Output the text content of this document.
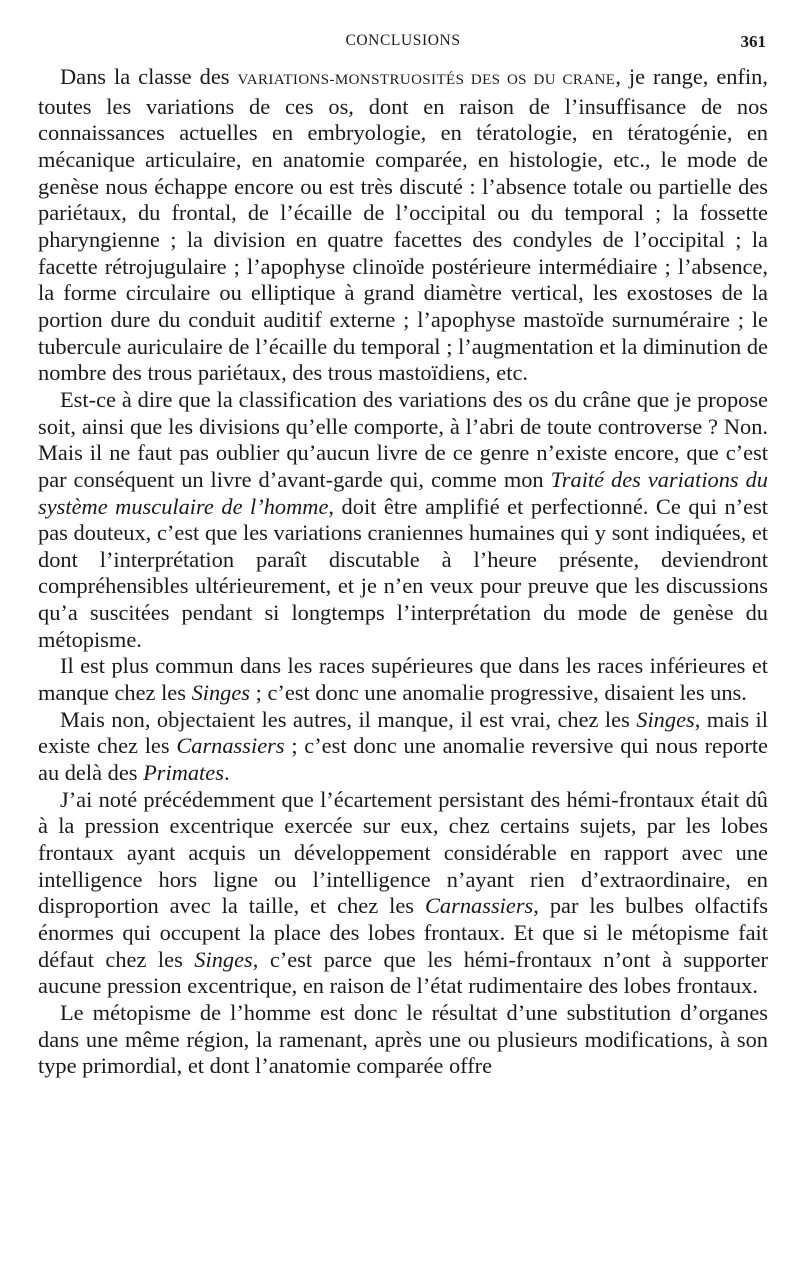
CONCLUSIONS	361

Dans la classe des VARIATIONS-MONSTRUOSITÉS DES OS DU CRANE, je range, enfin, toutes les variations de ces os, dont en raison de l’insuffisance de nos connaissances actuelles en embryologie, en tératologie, en tératogénie, en mécanique articulaire, en anatomie comparée, en histologie, etc., le mode de genèse nous échappe encore ou est très discuté : l’absence totale ou partielle des pariétaux, du frontal, de l’écaille de l’occipital ou du temporal ; la fossette pharyngienne ; la division en quatre facettes des condyles de l’occipital ; la facette rétrojugulaire ; l’apophyse clinoïde postérieure intermédiaire ; l’absence, la forme circulaire ou elliptique à grand diamètre vertical, les exostoses de la portion dure du conduit auditif externe ; l’apophyse mastoïde surnuméraire ; le tubercule auriculaire de l’écaille du temporal ; l’augmentation et la diminution de nombre des trous pariétaux, des trous mastoïdiens, etc.

Est-ce à dire que la classification des variations des os du crâne que je propose soit, ainsi que les divisions qu’elle comporte, à l’abri de toute controverse ? Non. Mais il ne faut pas oublier qu’aucun livre de ce genre n’existe encore, que c’est par conséquent un livre d’avant-garde qui, comme mon Traité des variations du système musculaire de l’homme, doit être amplifié et perfectionné. Ce qui n’est pas douteux, c’est que les variations craniennes humaines qui y sont indiquées, et dont l’interprétation paraît discutable à l’heure présente, deviendront compréhensibles ultérieurement, et je n’en veux pour preuve que les discussions qu’a suscitées pendant si longtemps l’interprétation du mode de genèse du métopisme.

Il est plus commun dans les races supérieures que dans les races inférieures et manque chez les Singes ; c’est donc une anomalie progressive, disaient les uns.

Mais non, objectaient les autres, il manque, il est vrai, chez les Singes, mais il existe chez les Carnassiers ; c’est donc une anomalie reversive qui nous reporte au delà des Primates.

J’ai noté précédemment que l’écartement persistant des hémi-frontaux était dû à la pression excentrique exercée sur eux, chez certains sujets, par les lobes frontaux ayant acquis un développement considérable en rapport avec une intelligence hors ligne ou l’intelligence n’ayant rien d’extraordinaire, en disproportion avec la taille, et chez les Carnassiers, par les bulbes olfactifs énormes qui occupent la place des lobes frontaux. Et que si le métopisme fait défaut chez les Singes, c’est parce que les hémi-frontaux n’ont à supporter aucune pression excentrique, en raison de l’état rudimentaire des lobes frontaux.

Le métopisme de l’homme est donc le résultat d’une substitution d’organes dans une même région, la ramenant, après une ou plusieurs modifications, à son type primordial, et dont l’anatomie comparée offre
